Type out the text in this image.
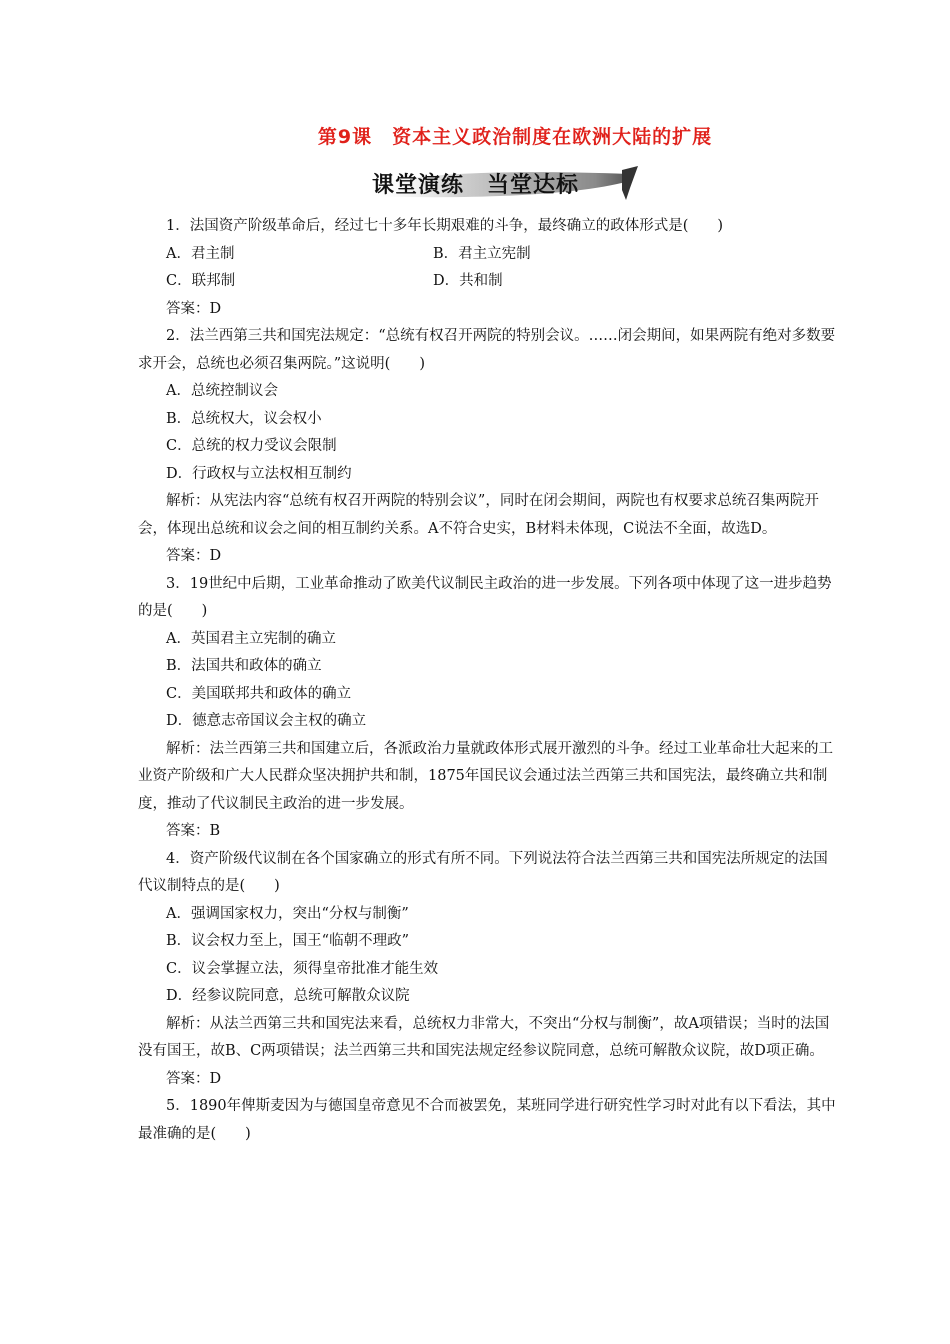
第9课　资本主义政治制度在欧洲大陆的扩展
课堂演练　当堂达标

1．法国资产阶级革命后，经过七十多年长期艰难的斗争，最终确立的政体形式是(　　)

A．君主制	B．君主立宪制
C．联邦制	D．共和制

答案：D

2．法兰西第三共和国宪法规定：“总统有权召开两院的特别会议。……闭会期间，如果两院有绝对多数要求开会，总统也必须召集两院。”这说明(　　)

A．总统控制议会

B．总统权大，议会权小

C．总统的权力受议会限制

D．行政权与立法权相互制约

解析：从宪法内容“总统有权召开两院的特别会议”，同时在闭会期间，两院也有权要求总统召集两院开会，体现出总统和议会之间的相互制约关系。A不符合史实，B材料未体现，C说法不全面，故选D。

答案：D

3．19世纪中后期，工业革命推动了欧美代议制民主政治的进一步发展。下列各项中体现了这一进步趋势的是(　　)

A．英国君主立宪制的确立

B．法国共和政体的确立

C．美国联邦共和政体的确立

D．德意志帝国议会主权的确立

解析：法兰西第三共和国建立后，各派政治力量就政体形式展开激烈的斗争。经过工业革命壮大起来的工业资产阶级和广大人民群众坚决拥护共和制，1875年国民议会通过法兰西第三共和国宪法，最终确立共和制度，推动了代议制民主政治的进一步发展。

答案：B

4．资产阶级代议制在各个国家确立的形式有所不同。下列说法符合法兰西第三共和国宪法所规定的法国代议制特点的是(　　)

A．强调国家权力，突出“分权与制衡”

B．议会权力至上，国王“临朝不理政”

C．议会掌握立法，须得皇帝批准才能生效

D．经参议院同意，总统可解散众议院

解析：从法兰西第三共和国宪法来看，总统权力非常大，不突出“分权与制衡”，故A项错误；当时的法国没有国王，故B、C两项错误；法兰西第三共和国宪法规定经参议院同意，总统可解散众议院，故D项正确。

答案：D

5．1890年俾斯麦因为与德国皇帝意见不合而被罢免，某班同学进行研究性学习时对此有以下看法，其中最准确的是(　　)
